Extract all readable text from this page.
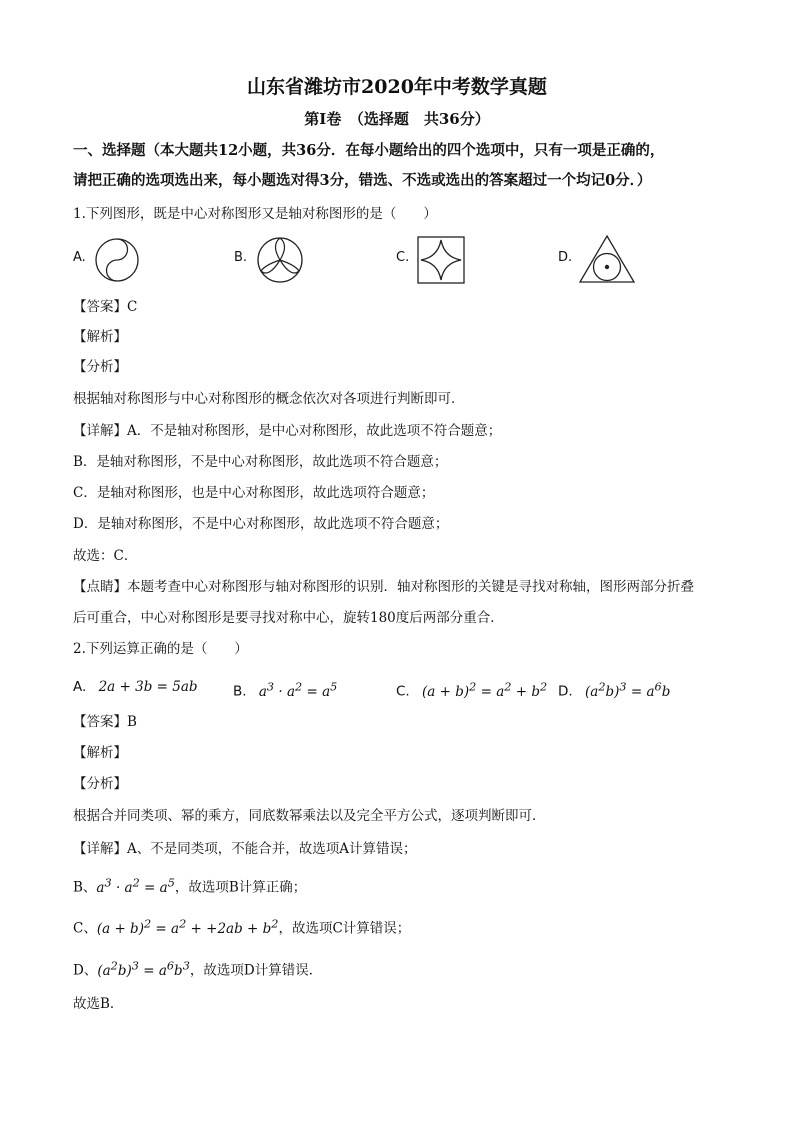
山东省潍坊市2020年中考数学真题
第Ⅰ卷　（选择题　共36分）
一、选择题（本大题共12小题，共36分．在每小题给出的四个选项中，只有一项是正确的，
请把正确的选项选出来，每小题选对得3分，错选、不选或选出的答案超过一个均记0分．）
1.下列图形，既是中心对称图形又是轴对称图形的是（　　）
A.	B.	C.	D.
【答案】C
【解析】
【分析】
根据轴对称图形与中心对称图形的概念依次对各项进行判断即可．
【详解】A．不是轴对称图形，是中心对称图形，故此选项不符合题意；
B．是轴对称图形，不是中心对称图形，故此选项不符合题意；
C．是轴对称图形，也是中心对称图形，故此选项符合题意；
D．是轴对称图形，不是中心对称图形，故此选项不符合题意；
故选：C．
【点睛】本题考查中心对称图形与轴对称图形的识别．轴对称图形的关键是寻找对称轴，图形两部分折叠
后可重合，中心对称图形是要寻找对称中心，旋转180度后两部分重合．
2.下列运算正确的是（　　）
A. 2a + 3b = 5ab	B. $a^3 \cdot a^2 = a^5$	C. $(a + b)^2 = a^2 + b^2$ D. $(a^2b)^3 = a^6b$
【答案】B
【解析】
【分析】
根据合并同类项、幂的乘方，同底数幂乘法以及完全平方公式，逐项判断即可．
【详解】A、不是同类项，不能合并，故选项A计算错误；
B、$a^3 \cdot a^2 = a^5$，故选项B计算正确；
C、$(a + b)^2 = a^2 + +2ab + b^2$，故选项C计算错误；
D、$(a^2b)^3 = a^6b^3$，故选项D计算错误．
故选B．
